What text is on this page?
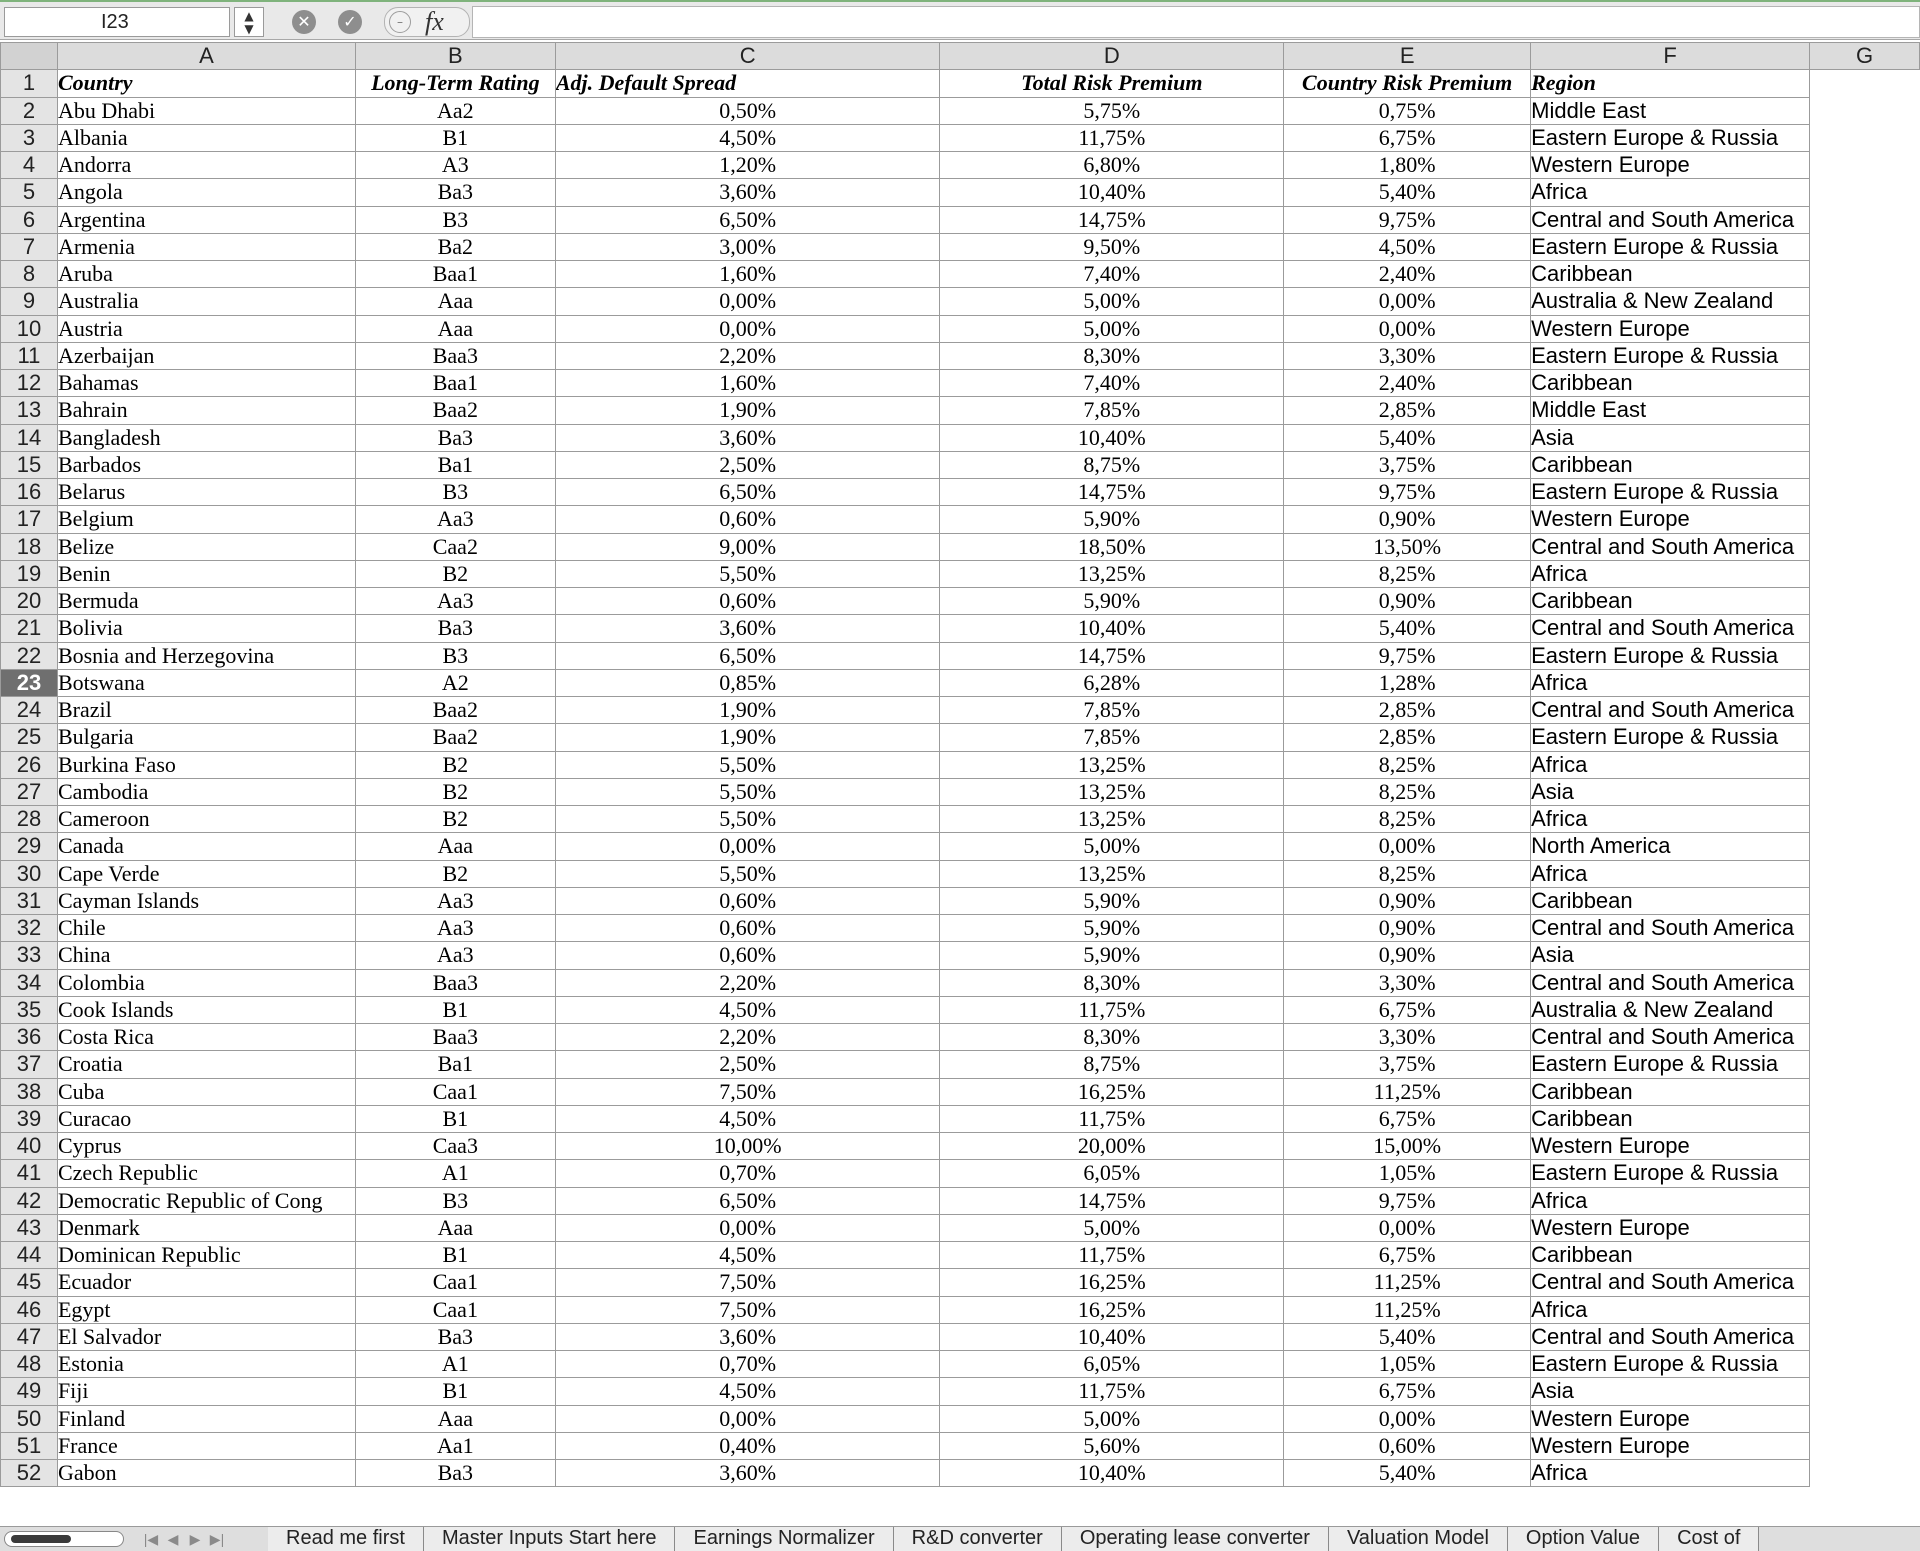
I23	▲▼	✕	✓	– fx
	A	B	C	D	E	F	G
1	Country	Long-Term Rating	Adj. Default Spread	Total Risk Premium	Country Risk Premium	Region	
2	Abu Dhabi	Aa2	0,50%	5,75%	0,75%	Middle East	
3	Albania	B1	4,50%	11,75%	6,75%	Eastern Europe & Russia	
4	Andorra	A3	1,20%	6,80%	1,80%	Western Europe	
5	Angola	Ba3	3,60%	10,40%	5,40%	Africa	
6	Argentina	B3	6,50%	14,75%	9,75%	Central and South America	
7	Armenia	Ba2	3,00%	9,50%	4,50%	Eastern Europe & Russia	
8	Aruba	Baa1	1,60%	7,40%	2,40%	Caribbean	
9	Australia	Aaa	0,00%	5,00%	0,00%	Australia & New Zealand	
10	Austria	Aaa	0,00%	5,00%	0,00%	Western Europe	
11	Azerbaijan	Baa3	2,20%	8,30%	3,30%	Eastern Europe & Russia	
12	Bahamas	Baa1	1,60%	7,40%	2,40%	Caribbean	
13	Bahrain	Baa2	1,90%	7,85%	2,85%	Middle East	
14	Bangladesh	Ba3	3,60%	10,40%	5,40%	Asia	
15	Barbados	Ba1	2,50%	8,75%	3,75%	Caribbean	
16	Belarus	B3	6,50%	14,75%	9,75%	Eastern Europe & Russia	
17	Belgium	Aa3	0,60%	5,90%	0,90%	Western Europe	
18	Belize	Caa2	9,00%	18,50%	13,50%	Central and South America	
19	Benin	B2	5,50%	13,25%	8,25%	Africa	
20	Bermuda	Aa3	0,60%	5,90%	0,90%	Caribbean	
21	Bolivia	Ba3	3,60%	10,40%	5,40%	Central and South America	
22	Bosnia and Herzegovina	B3	6,50%	14,75%	9,75%	Eastern Europe & Russia	
23	Botswana	A2	0,85%	6,28%	1,28%	Africa	
24	Brazil	Baa2	1,90%	7,85%	2,85%	Central and South America	
25	Bulgaria	Baa2	1,90%	7,85%	2,85%	Eastern Europe & Russia	
26	Burkina Faso	B2	5,50%	13,25%	8,25%	Africa	
27	Cambodia	B2	5,50%	13,25%	8,25%	Asia	
28	Cameroon	B2	5,50%	13,25%	8,25%	Africa	
29	Canada	Aaa	0,00%	5,00%	0,00%	North America	
30	Cape Verde	B2	5,50%	13,25%	8,25%	Africa	
31	Cayman Islands	Aa3	0,60%	5,90%	0,90%	Caribbean	
32	Chile	Aa3	0,60%	5,90%	0,90%	Central and South America	
33	China	Aa3	0,60%	5,90%	0,90%	Asia	
34	Colombia	Baa3	2,20%	8,30%	3,30%	Central and South America	
35	Cook Islands	B1	4,50%	11,75%	6,75%	Australia & New Zealand	
36	Costa Rica	Baa3	2,20%	8,30%	3,30%	Central and South America	
37	Croatia	Ba1	2,50%	8,75%	3,75%	Eastern Europe & Russia	
38	Cuba	Caa1	7,50%	16,25%	11,25%	Caribbean	
39	Curacao	B1	4,50%	11,75%	6,75%	Caribbean	
40	Cyprus	Caa3	10,00%	20,00%	15,00%	Western Europe	
41	Czech Republic	A1	0,70%	6,05%	1,05%	Eastern Europe & Russia	
42	Democratic Republic of Cong	B3	6,50%	14,75%	9,75%	Africa	
43	Denmark	Aaa	0,00%	5,00%	0,00%	Western Europe	
44	Dominican Republic	B1	4,50%	11,75%	6,75%	Caribbean	
45	Ecuador	Caa1	7,50%	16,25%	11,25%	Central and South America	
46	Egypt	Caa1	7,50%	16,25%	11,25%	Africa	
47	El Salvador	Ba3	3,60%	10,40%	5,40%	Central and South America	
48	Estonia	A1	0,70%	6,05%	1,05%	Eastern Europe & Russia	
49	Fiji	B1	4,50%	11,75%	6,75%	Asia	
50	Finland	Aaa	0,00%	5,00%	0,00%	Western Europe	
51	France	Aa1	0,40%	5,60%	0,60%	Western Europe	
52	Gabon	Ba3	3,60%	10,40%	5,40%	Africa	
|◀ ◀ ▶ ▶|	Read me first Master Inputs Start here Earnings Normalizer R&D converter Operating lease converter Valuation Model Option Value Cost of
